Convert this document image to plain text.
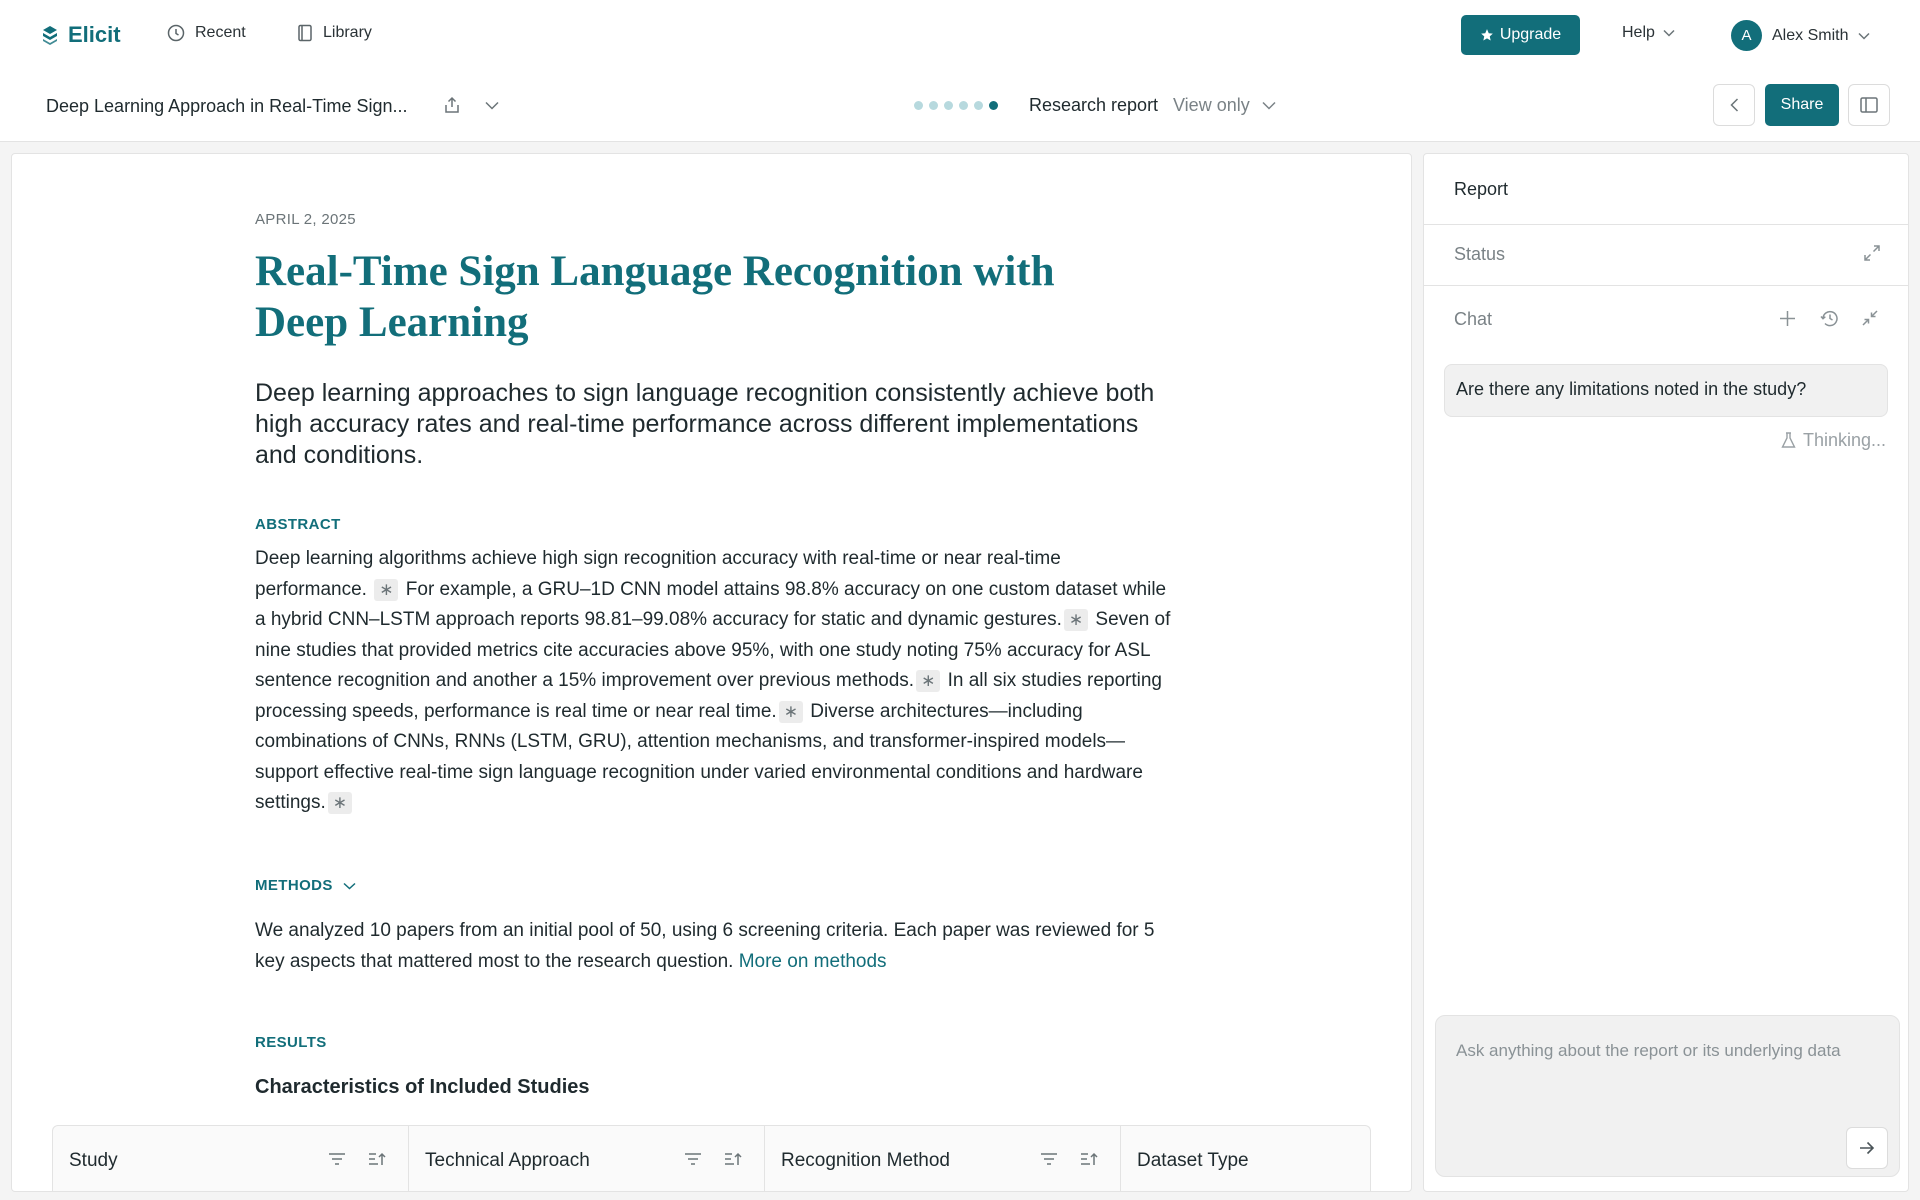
Elicit	Recent	Library	Upgrade	Help	A	Alex Smith
Deep Learning Approach in Real-Time Sign...	Research report View only	Share
APRIL 2, 2025
Real-Time Sign Language Recognition with Deep Learning

Deep learning approaches to sign language recognition consistently achieve both high accuracy rates and real-time performance across different implementations and conditions.

ABSTRACT

Deep learning algorithms achieve high sign recognition accuracy with real-time or near real-time performance. ∗ For example, a GRU–1D CNN model attains 98.8% accuracy on one custom dataset while a hybrid CNN–LSTM approach reports 98.81–99.08% accuracy for static and dynamic gestures. ∗ Seven of nine studies that provided metrics cite accuracies above 95%, with one study noting 75% accuracy for ASL sentence recognition and another a 15% improvement over previous methods. ∗ In all six studies reporting processing speeds, performance is real time or near real time. ∗ Diverse architectures—including combinations of CNNs, RNNs (LSTM, GRU), attention mechanisms, and transformer-inspired models—support effective real-time sign language recognition under varied environmental conditions and hardware settings. ∗

METHODS

We analyzed 10 papers from an initial pool of 50, using 6 screening criteria. Each paper was reviewed for 5 key aspects that mattered most to the research question. More on methods

RESULTS
Characteristics of Included Studies
Study	Technical Approach	Recognition Method	Dataset Type
Report
Status
Chat
Are there any limitations noted in the study?
Thinking...
Ask anything about the report or its underlying data
